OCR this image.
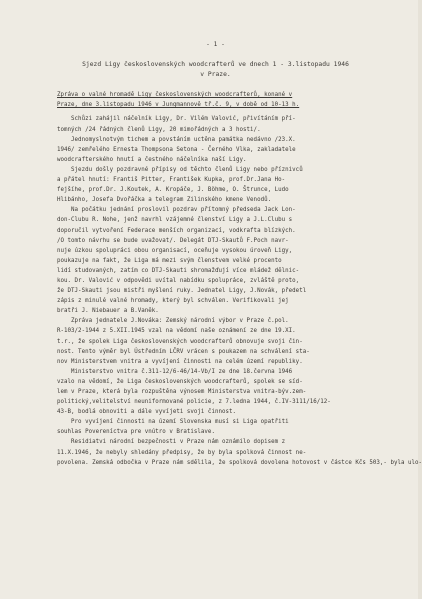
- 1 -
Sjezd Ligy československých woodcrafterů ve dnech 1 - 3.listopadu 1946
v Praze.
Zpráva o valné hromadě Ligy československých woodcrafterů, konané v
Praze, dne 3.listopadu 1946 v Jungmannově tř.č. 9, v době od 10-13 h.
Schůzi zahájil náčelník Ligy, Dr. Vilém Valović, přivítáním pří-
tomných /24 řádných členů Ligy, 20 mimořádných a 3 hosti/.
Jednomyslnotvým tichem a povstáním uctěna památka nedávno /23.X.
1946/ zemřelého Ernesta Thompsona Setona - Černého Vlka, zakladatele
woodcrafterského hnutí a čestného náčelníka naší Ligy.
Sjezdu došly pozdravné přípisy od těchto členů Ligy nebo příznivců
a přátel hnutí: Františ Pitter, František Kupka, prof.Dr.Jana Ho-
fejšíhe, prof.Dr. J.Koutek, A. Kropáče, J. Böhme, O. Štrunce, Ludo
Hlibánho, Josefa Dvořáčka a telegram Zilinského kmene Venodů.
Na počátku jednání proslovil pozdrav přítomný předseda Jack Lon-
don-Clubu R. Nohe, jenž navrhl vzájemné členství Ligy a J.L.Clubu s
doporučil vytvoření Federace menších organizací, vodkrafta blízkých.
/O tomto návrhu se bude uvažovat/. Delegát DTJ-Skautů F.Poch navr-
nuje úzkou spolupráci obou organisací, oceňuje vysokou úroveň Ligy,
poukazuje na fakt, že Liga má mezi svým členstvem velké procento
lidí studovaných, zatím co DTJ-Skauti shromažďují více mládež dělnic-
kou. Dr. Valović v odpovědi uvítal nabídku spolupráce, zvláště proto,
že DTJ-Skauti jsou mistři myšlení ruky. Jednatel Ligy, J.Novák, předetl
zápis z minulé valné hromady, který byl schválen. Verifikovali jej
bratři J. Niebauer a B.Vaněk.
Zpráva jednatele J.Nováka: Zemský národní výbor v Praze č.pol.
R-103/2-1944 z 5.XII.1945 vzal na vědomí naše oznámení ze dne 19.XI.
t.r., že spolek Liga československých woodcrafterů obnovuje svoji čin-
nost. Tento výměr byl Ústředním LČRV vrácen s poukazem na schválení sta-
nov Ministerstvem vnitra a vyvíjení činnosti na celém území republiky.
Ministerstvo vnitra č.311-12/6-46/14-Vb/I ze dne 18.června 1946
vzalo na vědomí, že Liga československých woodcrafterů, spolek se síd-
lem v Praze, která byla rozpuštěna výnosem Ministerstva vnitra-býv.zem-
politický,velitelství neuniformované policie, z 7.ledna 1944, č.IV-3111/16/12-
43-B, bodlá obnoviti a dále vyvíjeti svoji činnost.
Pro vyvíjení činnosti na území Slovenska musí si Liga opatřiti
souhlas Povereníctva pre vnútro v Bratislave.
Residiatvi národní bezpečnosti v Praze nám oznámilo dopisem z
11.X.1946, že nebyly shledány předpisy, že by byla spolková činnost ne-
povolena. Zemská odbočka v Praze nám sdělila, že spolková dovolena hotovost v částce Kčs 503,- byla ulo-
